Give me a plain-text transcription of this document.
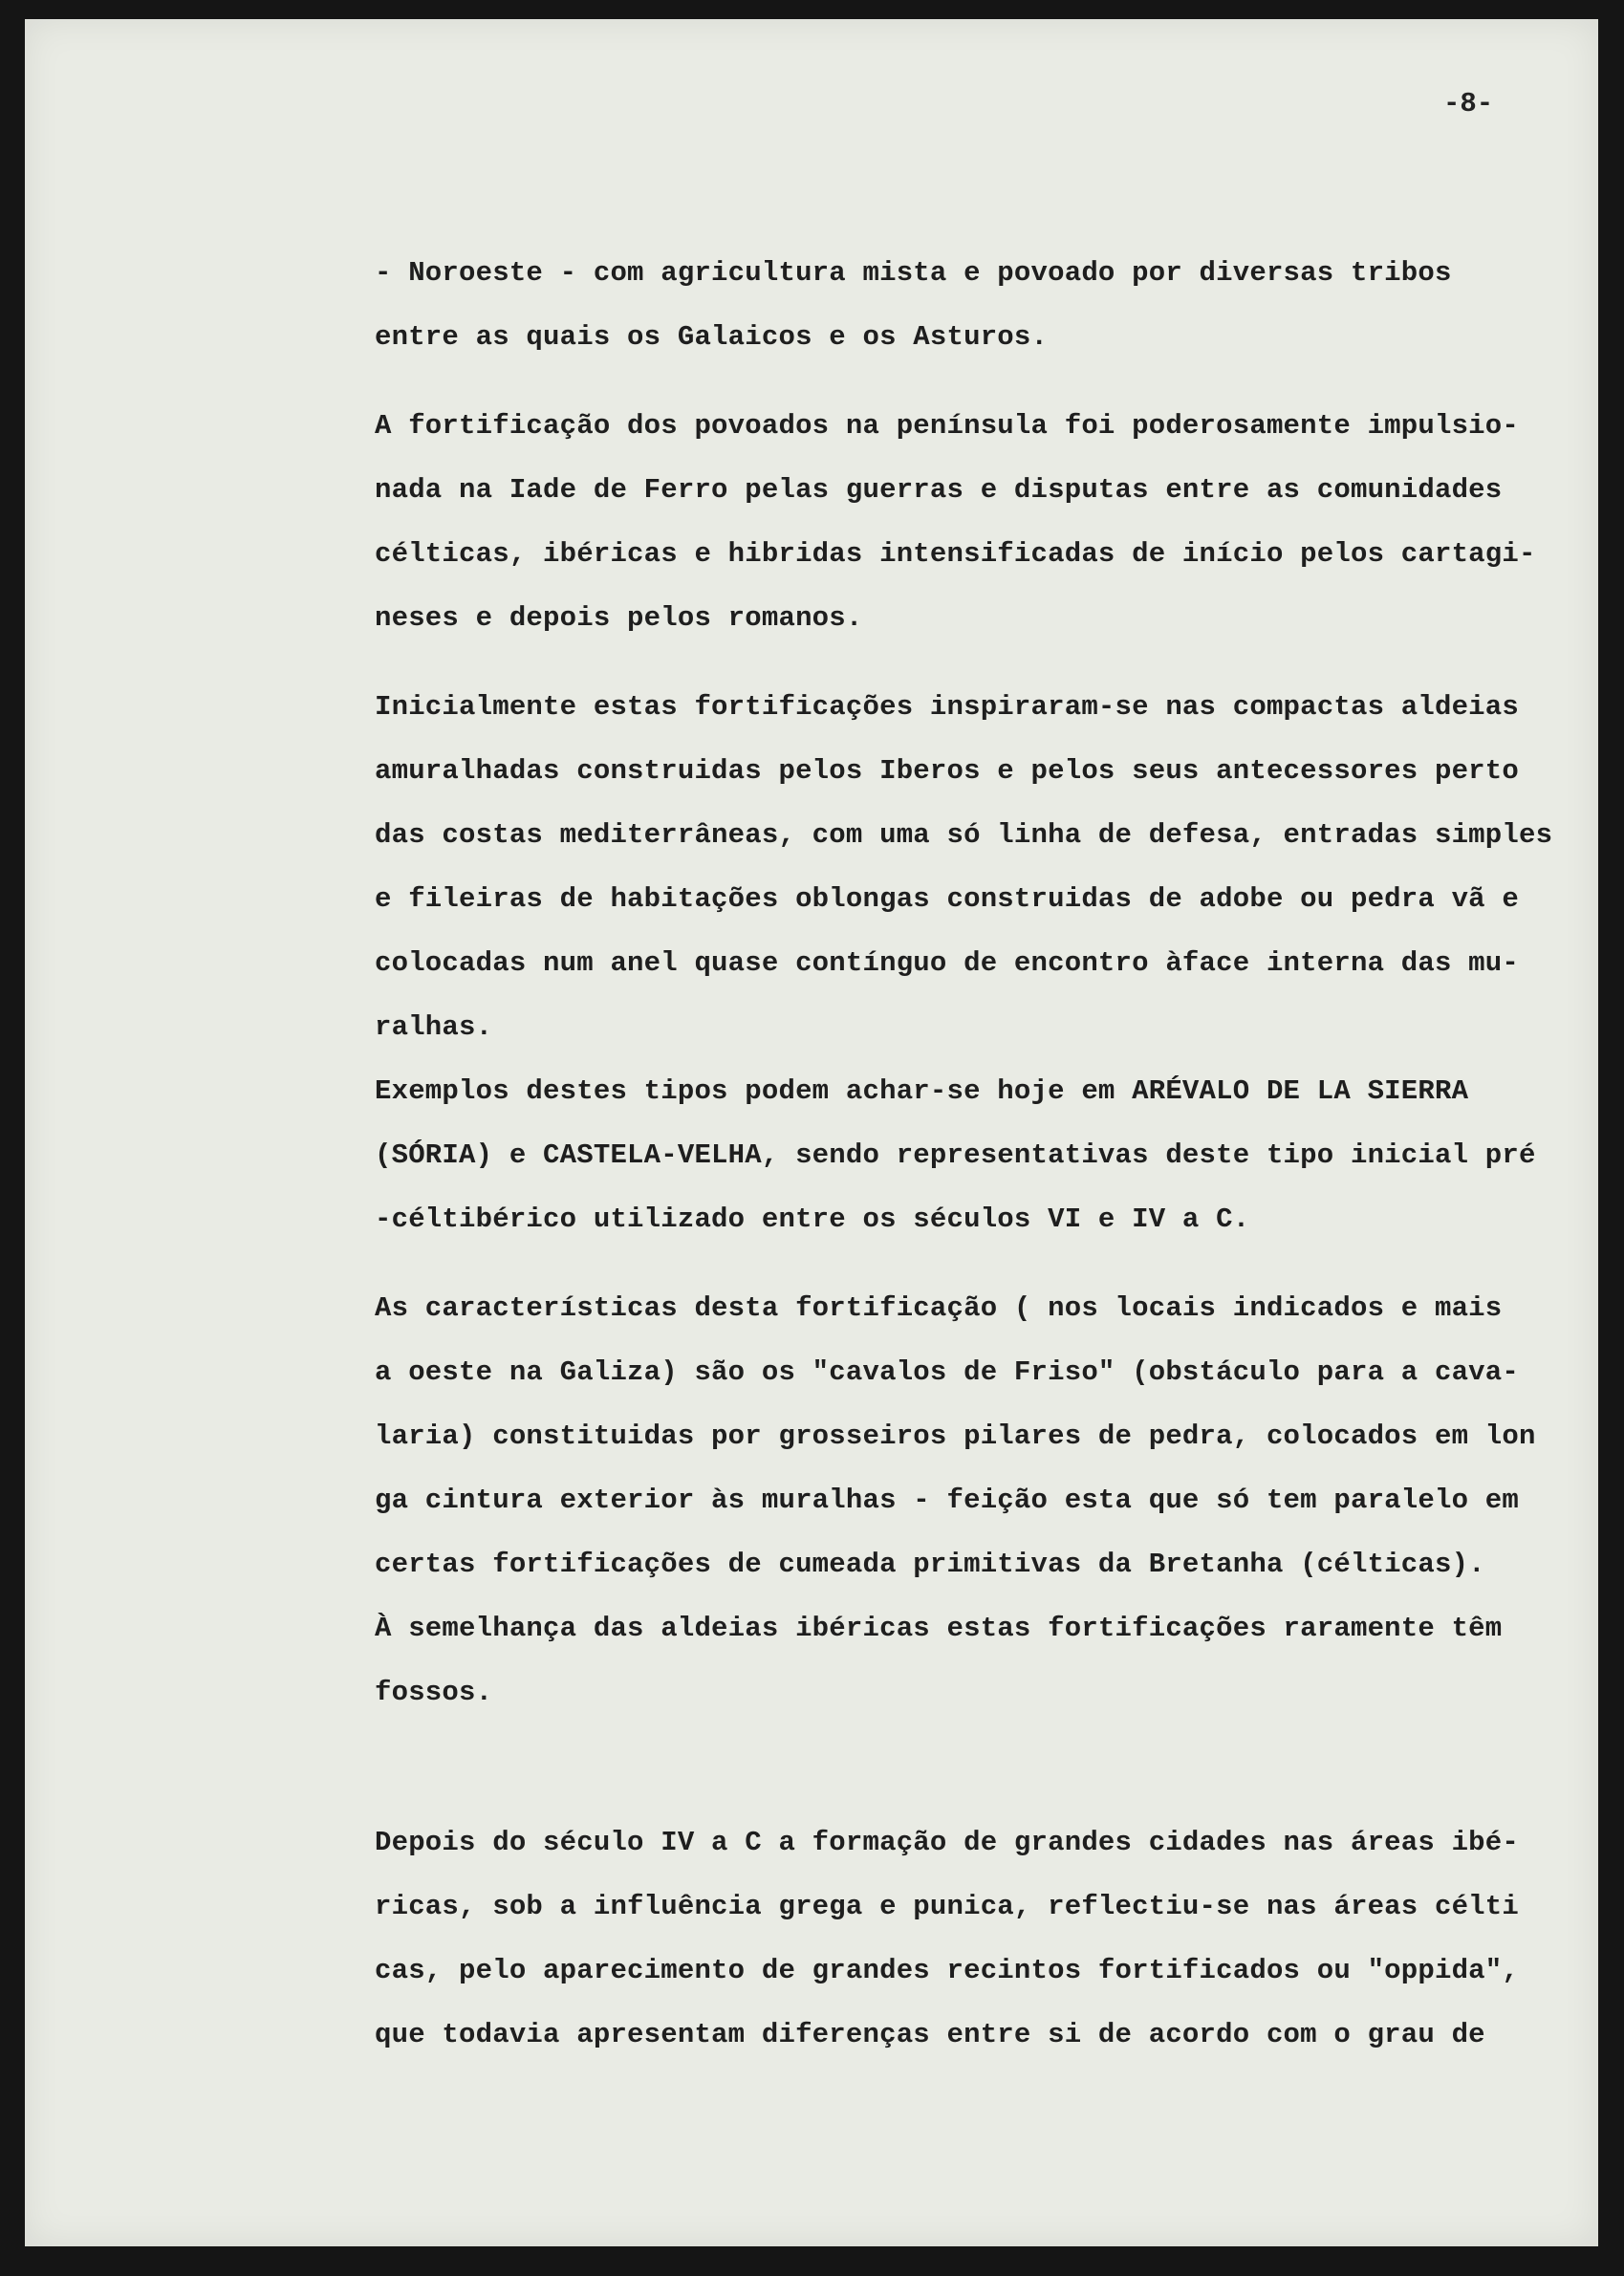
-8-

- Noroeste - com agricultura mista e povoado por diversas tribos
entre as quais os Galaicos e os Asturos.
A fortificação dos povoados na península foi poderosamente impulsio-
nada na Iade de Ferro pelas guerras e disputas entre as comunidades
célticas, ibéricas e hibridas intensificadas de início pelos cartagi-
neses e depois pelos romanos.
Inicialmente estas fortificações inspiraram-se nas compactas aldeias
amuralhadas construidas pelos Iberos e pelos seus antecessores perto
das costas mediterrâneas, com uma só linha de defesa, entradas simples
e fileiras de habitações oblongas construidas de adobe ou pedra vã e
colocadas num anel quase contínguo de encontro àface interna das mu-
ralhas.
Exemplos destes tipos podem achar-se hoje em ARÉVALO DE LA SIERRA
(SÓRIA) e CASTELA-VELHA, sendo representativas deste tipo inicial pré
-céltibérico utilizado entre os séculos VI e IV a C.
As características desta fortificação ( nos locais indicados e mais
a oeste na Galiza) são os "cavalos de Friso" (obstáculo para a cava-
laria) constituidas por grosseiros pilares de pedra, colocados em lon
ga cintura exterior às muralhas - feição esta que só tem paralelo em
certas fortificações de cumeada primitivas da Bretanha (célticas).
À semelhança das aldeias ibéricas estas fortificações raramente têm
fossos.
Depois do século IV a C a formação de grandes cidades nas áreas ibé-
ricas, sob a influência grega e punica, reflectiu-se nas áreas célti
cas, pelo aparecimento de grandes recintos fortificados ou "oppida",
que todavia apresentam diferenças entre si de acordo com o grau de
